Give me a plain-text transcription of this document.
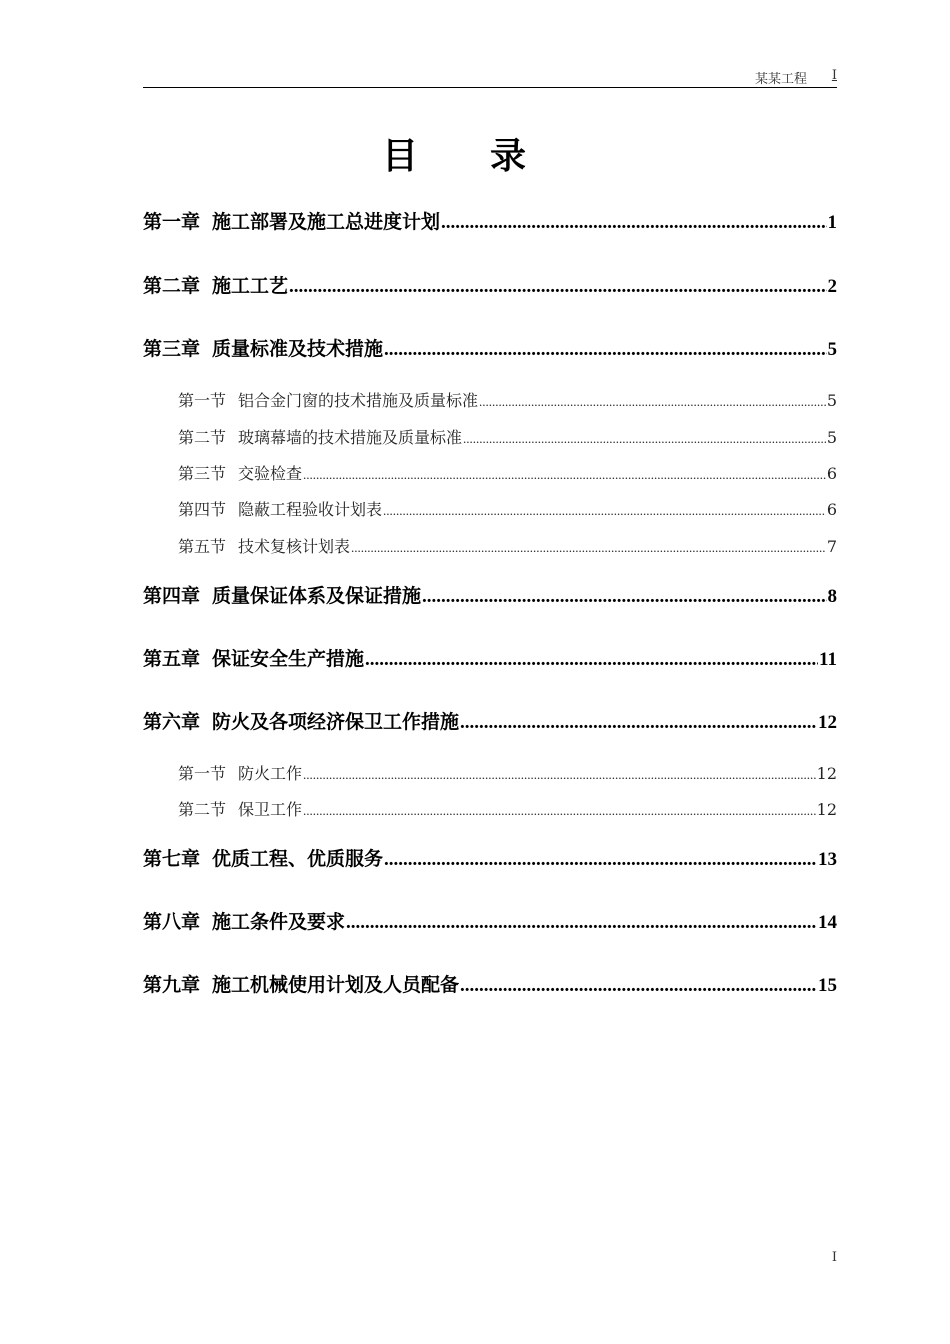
某某工程 I
目录
第一章 施工部署及施工总进度计划 .....	1
第二章 施工工艺 .....	2
第三章 质量标准及技术措施 .....	5
第一节 铝合金门窗的技术措施及质量标准 .....	5
第二节 玻璃幕墙的技术措施及质量标准 .....	5
第三节 交验检查 .....	6
第四节 隐蔽工程验收计划表 .....	6
第五节 技术复核计划表 .....	7
第四章 质量保证体系及保证措施 .....	8
第五章 保证安全生产措施 .....	11
第六章 防火及各项经济保卫工作措施 .....	12
第一节 防火工作 .....	12
第二节 保卫工作 .....	12
第七章 优质工程、优质服务 .....	13
第八章 施工条件及要求 .....	14
第九章 施工机械使用计划及人员配备 .....	15
I
